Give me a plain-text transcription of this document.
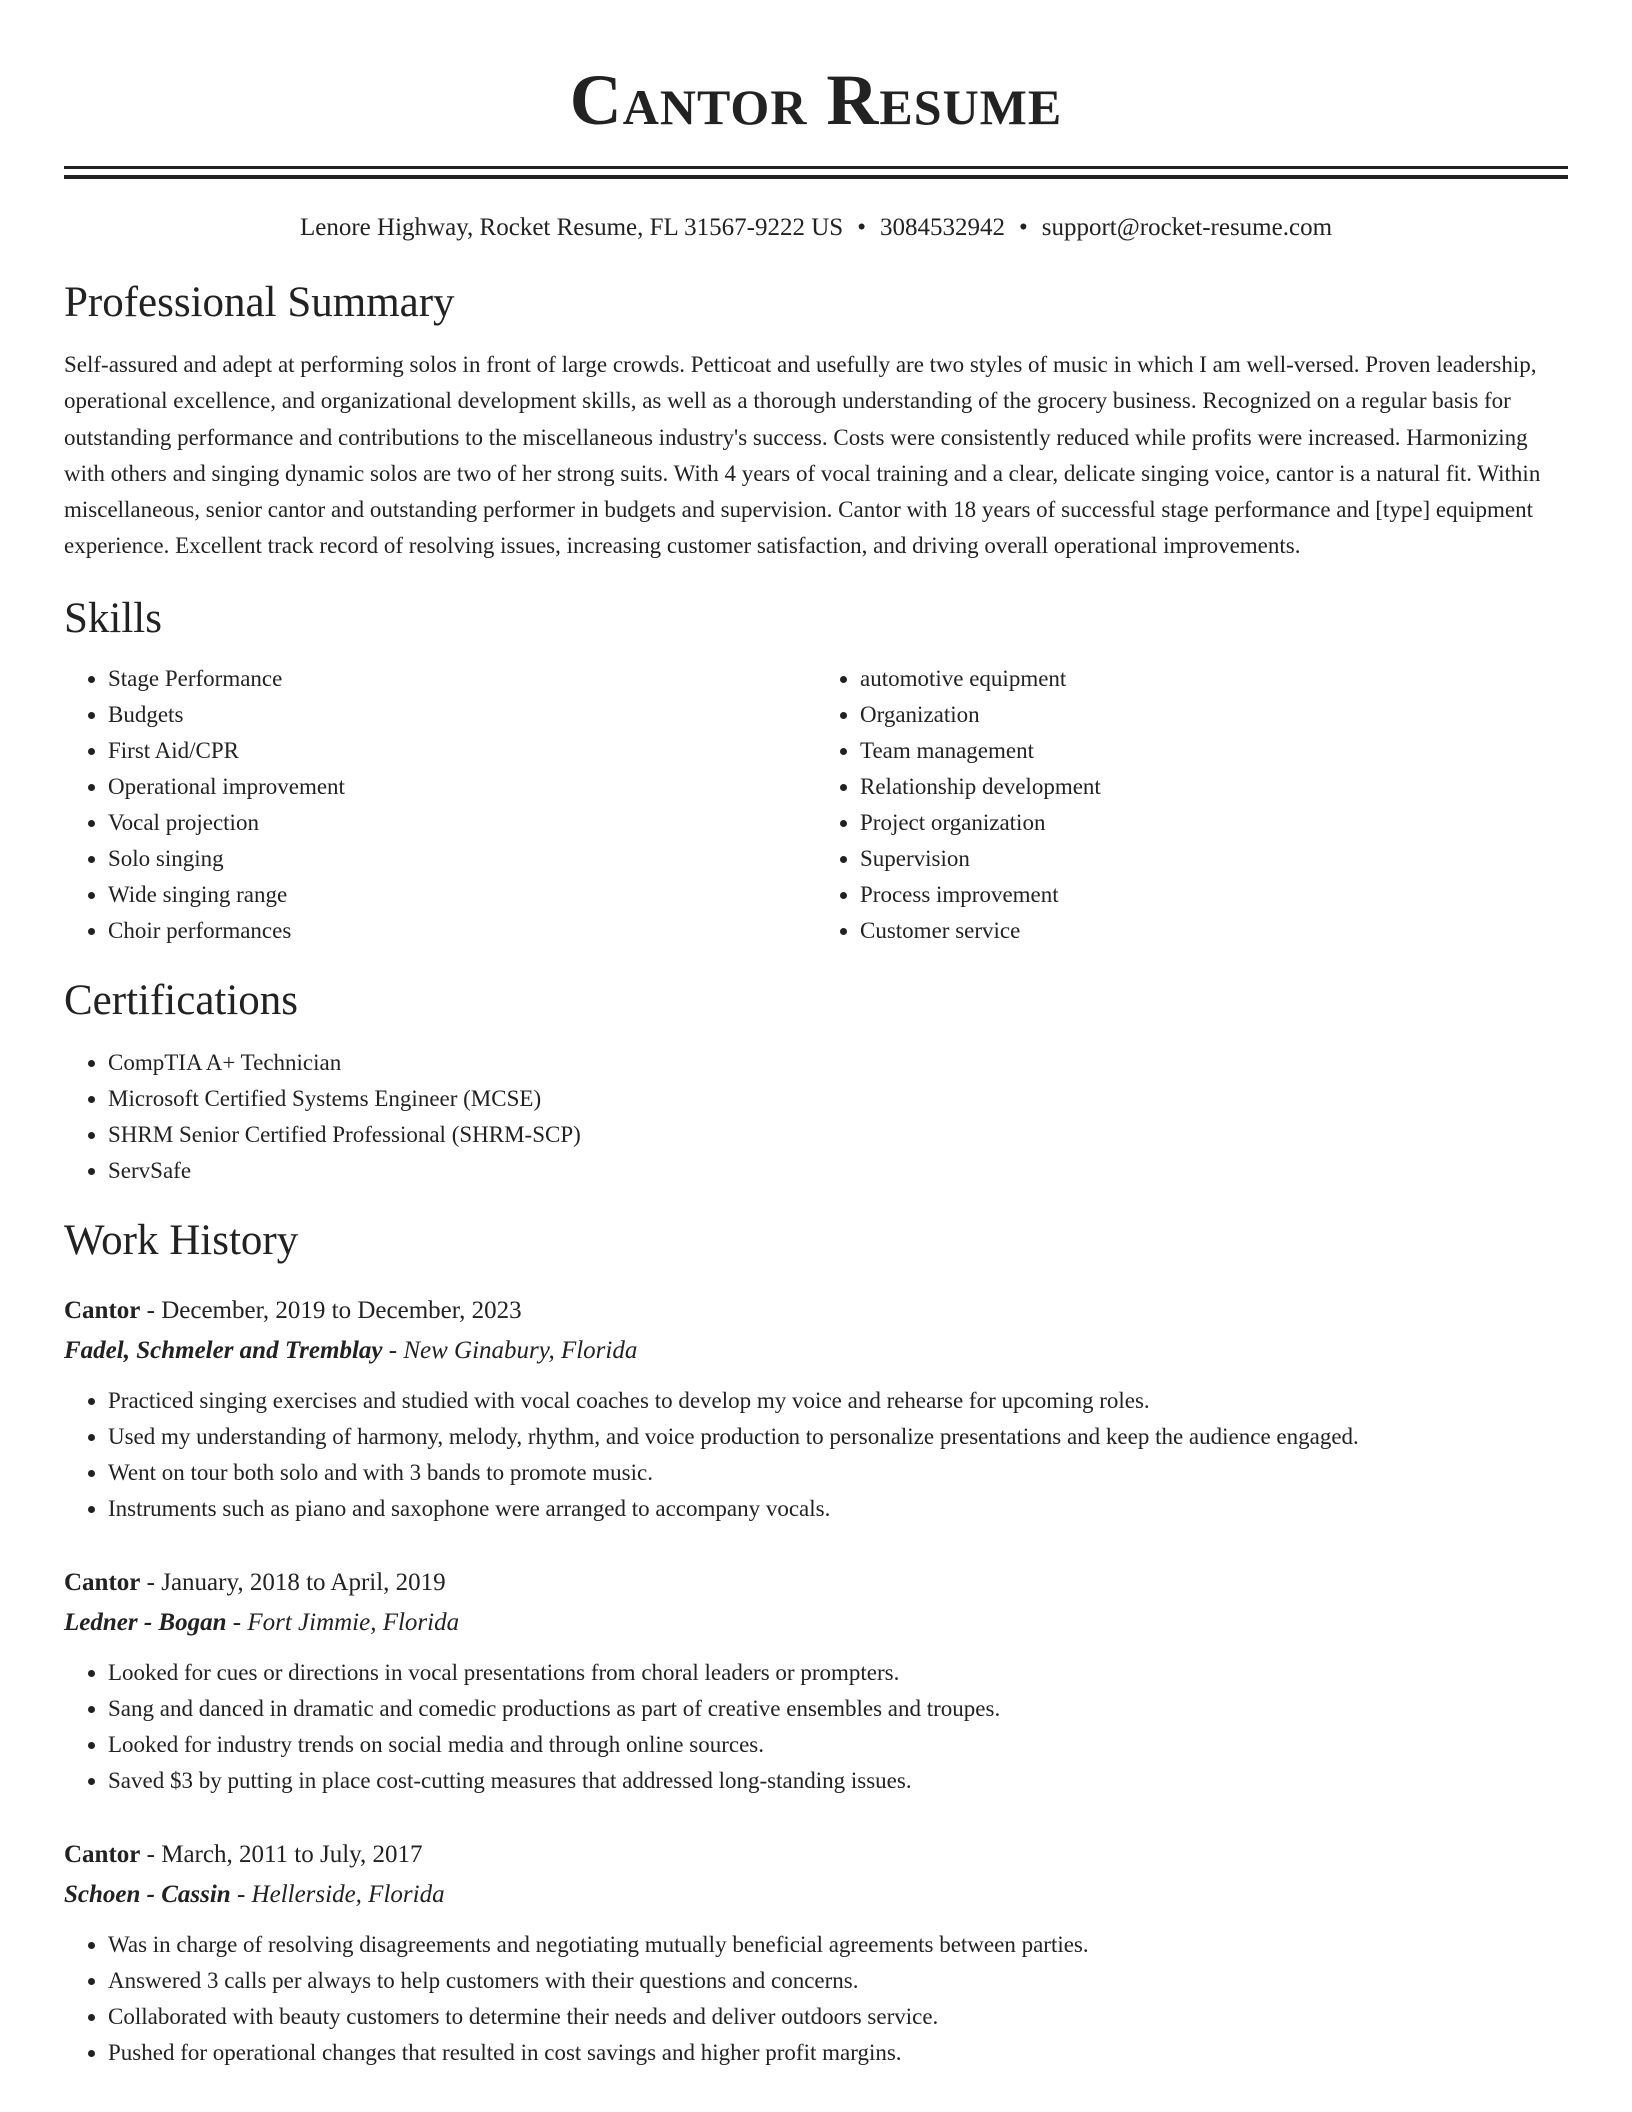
Cantor Resume
Lenore Highway, Rocket Resume, FL 31567-9222 US • 3084532942 • support@rocket-resume.com
Professional Summary

Self-assured and adept at performing solos in front of large crowds. Petticoat and usefully are two styles of music in which I am well-versed. Proven leadership, operational excellence, and organizational development skills, as well as a thorough understanding of the grocery business. Recognized on a regular basis for outstanding performance and contributions to the miscellaneous industry's success. Costs were consistently reduced while profits were increased. Harmonizing with others and singing dynamic solos are two of her strong suits. With 4 years of vocal training and a clear, delicate singing voice, cantor is a natural fit. Within miscellaneous, senior cantor and outstanding performer in budgets and supervision. Cantor with 18 years of successful stage performance and [type] equipment experience. Excellent track record of resolving issues, increasing customer satisfaction, and driving overall operational improvements.

Skills
• Stage Performance
• Budgets
• First Aid/CPR
• Operational improvement
• Vocal projection
• Solo singing
• Wide singing range
• Choir performances
• automotive equipment
• Organization
• Team management
• Relationship development
• Project organization
• Supervision
• Process improvement
• Customer service
Certifications
• CompTIA A+ Technician
• Microsoft Certified Systems Engineer (MCSE)
• SHRM Senior Certified Professional (SHRM-SCP)
• ServSafe
Work History
Cantor - December, 2019 to December, 2023
Fadel, Schmeler and Tremblay - New Ginabury, Florida
• Practiced singing exercises and studied with vocal coaches to develop my voice and rehearse for upcoming roles.
• Used my understanding of harmony, melody, rhythm, and voice production to personalize presentations and keep the audience engaged.
• Went on tour both solo and with 3 bands to promote music.
• Instruments such as piano and saxophone were arranged to accompany vocals.
Cantor - January, 2018 to April, 2019
Ledner - Bogan - Fort Jimmie, Florida
• Looked for cues or directions in vocal presentations from choral leaders or prompters.
• Sang and danced in dramatic and comedic productions as part of creative ensembles and troupes.
• Looked for industry trends on social media and through online sources.
• Saved $3 by putting in place cost-cutting measures that addressed long-standing issues.
Cantor - March, 2011 to July, 2017
Schoen - Cassin - Hellerside, Florida
• Was in charge of resolving disagreements and negotiating mutually beneficial agreements between parties.
• Answered 3 calls per always to help customers with their questions and concerns.
• Collaborated with beauty customers to determine their needs and deliver outdoors service.
• Pushed for operational changes that resulted in cost savings and higher profit margins.
